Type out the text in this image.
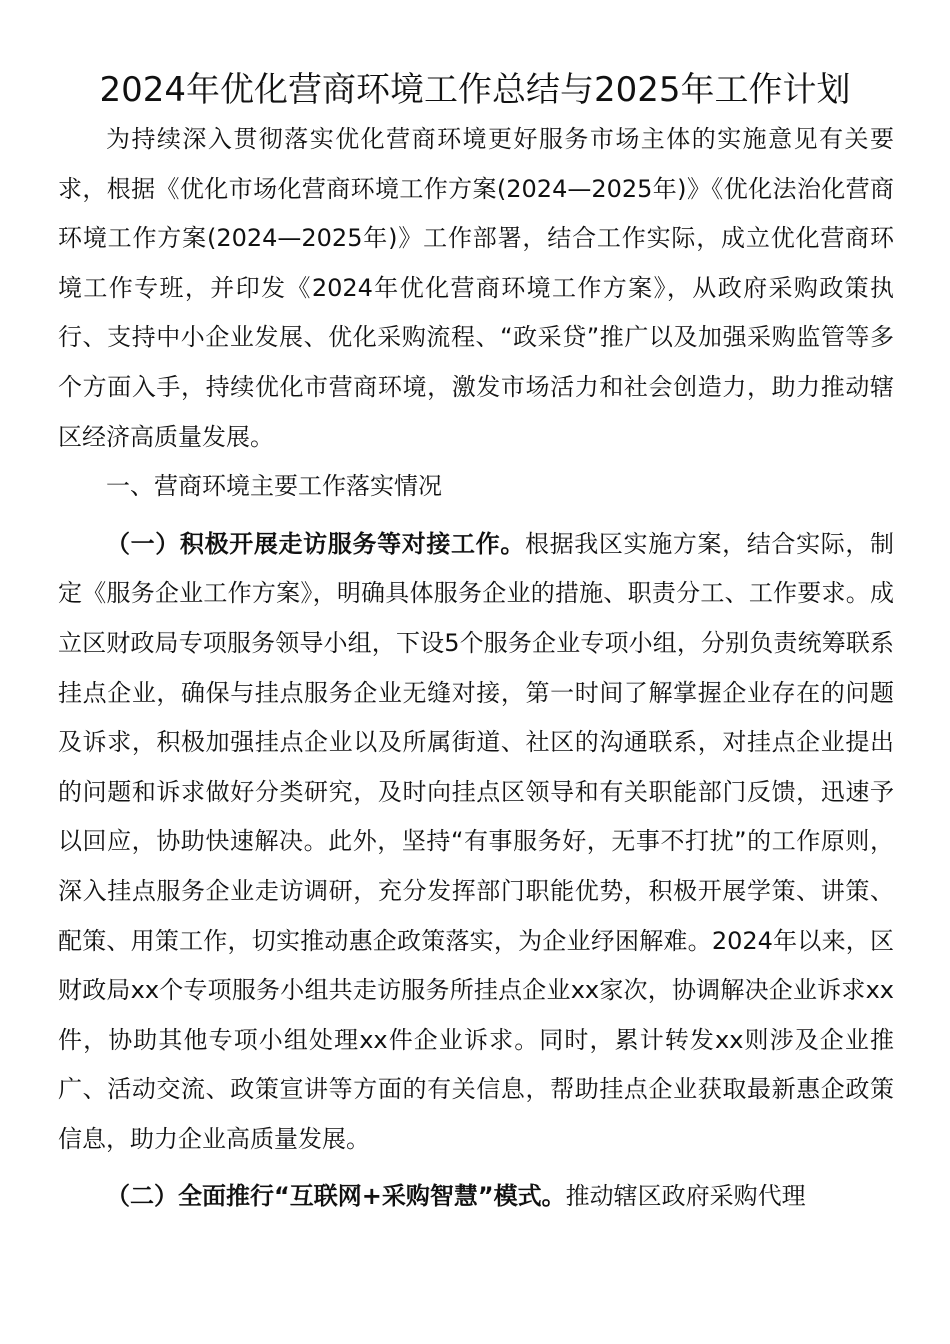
2024年优化营商环境工作总结与2025年工作计划

为持续深入贯彻落实优化营商环境更好服务市场主体的实施意见有关要求，根据《优化市场化营商环境工作方案(2024—2025年)》《优化法治化营商环境工作方案(2024—2025年)》工作部署，结合工作实际，成立优化营商环境工作专班，并印发《2024年优化营商环境工作方案》，从政府采购政策执行、支持中小企业发展、优化采购流程、“政采贷”推广以及加强采购监管等多个方面入手，持续优化市营商环境，激发市场活力和社会创造力，助力推动辖区经济高质量发展。

一、营商环境主要工作落实情况

（一）积极开展走访服务等对接工作。根据我区实施方案，结合实际，制定《服务企业工作方案》，明确具体服务企业的措施、职责分工、工作要求。成立区财政局专项服务领导小组，下设5个服务企业专项小组，分别负责统筹联系挂点企业，确保与挂点服务企业无缝对接，第一时间了解掌握企业存在的问题及诉求，积极加强挂点企业以及所属街道、社区的沟通联系，对挂点企业提出的问题和诉求做好分类研究，及时向挂点区领导和有关职能部门反馈，迅速予以回应，协助快速解决。此外，坚持“有事服务好，无事不打扰”的工作原则，深入挂点服务企业走访调研，充分发挥部门职能优势，积极开展学策、讲策、配策、用策工作，切实推动惠企政策落实，为企业纾困解难。2024年以来，区财政局xx个专项服务小组共走访服务所挂点企业xx家次，协调解决企业诉求xx件，协助其他专项小组处理xx件企业诉求。同时，累计转发xx则涉及企业推广、活动交流、政策宣讲等方面的有关信息，帮助挂点企业获取最新惠企政策信息，助力企业高质量发展。

（二）全面推行“互联网+采购智慧”模式。推动辖区政府采购代理
